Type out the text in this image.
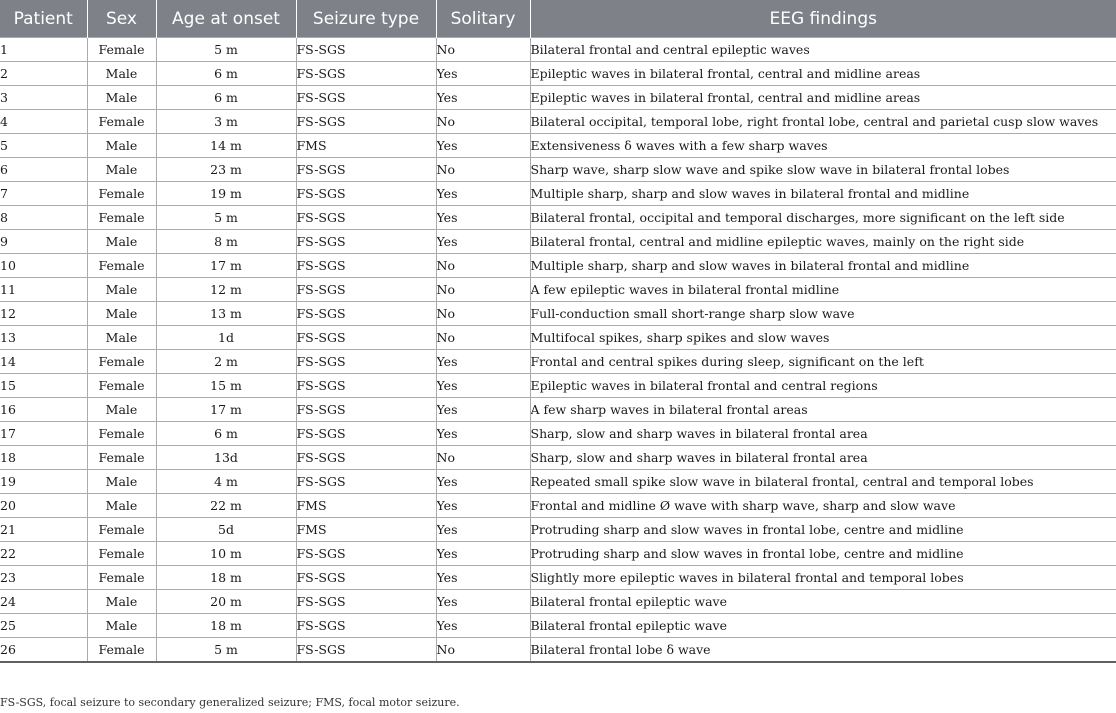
Patient	Sex	Age at onset	Seizure type	Solitary	EEG findings
1	Female	5 m	FS-SGS	No	Bilateral frontal and central epileptic waves
2	Male	6 m	FS-SGS	Yes	Epileptic waves in bilateral frontal, central and midline areas
3	Male	6 m	FS-SGS	Yes	Epileptic waves in bilateral frontal, central and midline areas
4	Female	3 m	FS-SGS	No	Bilateral occipital, temporal lobe, right frontal lobe, central and parietal cusp slow waves
5	Male	14 m	FMS	Yes	Extensiveness δ waves with a few sharp waves
6	Male	23 m	FS-SGS	No	Sharp wave, sharp slow wave and spike slow wave in bilateral frontal lobes
7	Female	19 m	FS-SGS	Yes	Multiple sharp, sharp and slow waves in bilateral frontal and midline
8	Female	5 m	FS-SGS	Yes	Bilateral frontal, occipital and temporal discharges, more significant on the left side
9	Male	8 m	FS-SGS	Yes	Bilateral frontal, central and midline epileptic waves, mainly on the right side
10	Female	17 m	FS-SGS	No	Multiple sharp, sharp and slow waves in bilateral frontal and midline
11	Male	12 m	FS-SGS	No	A few epileptic waves in bilateral frontal midline
12	Male	13 m	FS-SGS	No	Full-conduction small short-range sharp slow wave
13	Male	1d	FS-SGS	No	Multifocal spikes, sharp spikes and slow waves
14	Female	2 m	FS-SGS	Yes	Frontal and central spikes during sleep, significant on the left
15	Female	15 m	FS-SGS	Yes	Epileptic waves in bilateral frontal and central regions
16	Male	17 m	FS-SGS	Yes	A few sharp waves in bilateral frontal areas
17	Female	6 m	FS-SGS	Yes	Sharp, slow and sharp waves in bilateral frontal area
18	Female	13d	FS-SGS	No	Sharp, slow and sharp waves in bilateral frontal area
19	Male	4 m	FS-SGS	Yes	Repeated small spike slow wave in bilateral frontal, central and temporal lobes
20	Male	22 m	FMS	Yes	Frontal and midline Ø wave with sharp wave, sharp and slow wave
21	Female	5d	FMS	Yes	Protruding sharp and slow waves in frontal lobe, centre and midline
22	Female	10 m	FS-SGS	Yes	Protruding sharp and slow waves in frontal lobe, centre and midline
23	Female	18 m	FS-SGS	Yes	Slightly more epileptic waves in bilateral frontal and temporal lobes
24	Male	20 m	FS-SGS	Yes	Bilateral frontal epileptic wave
25	Male	18 m	FS-SGS	Yes	Bilateral frontal epileptic wave
26	Female	5 m	FS-SGS	No	Bilateral frontal lobe δ wave
FS-SGS, focal seizure to secondary generalized seizure; FMS, focal motor seizure.
